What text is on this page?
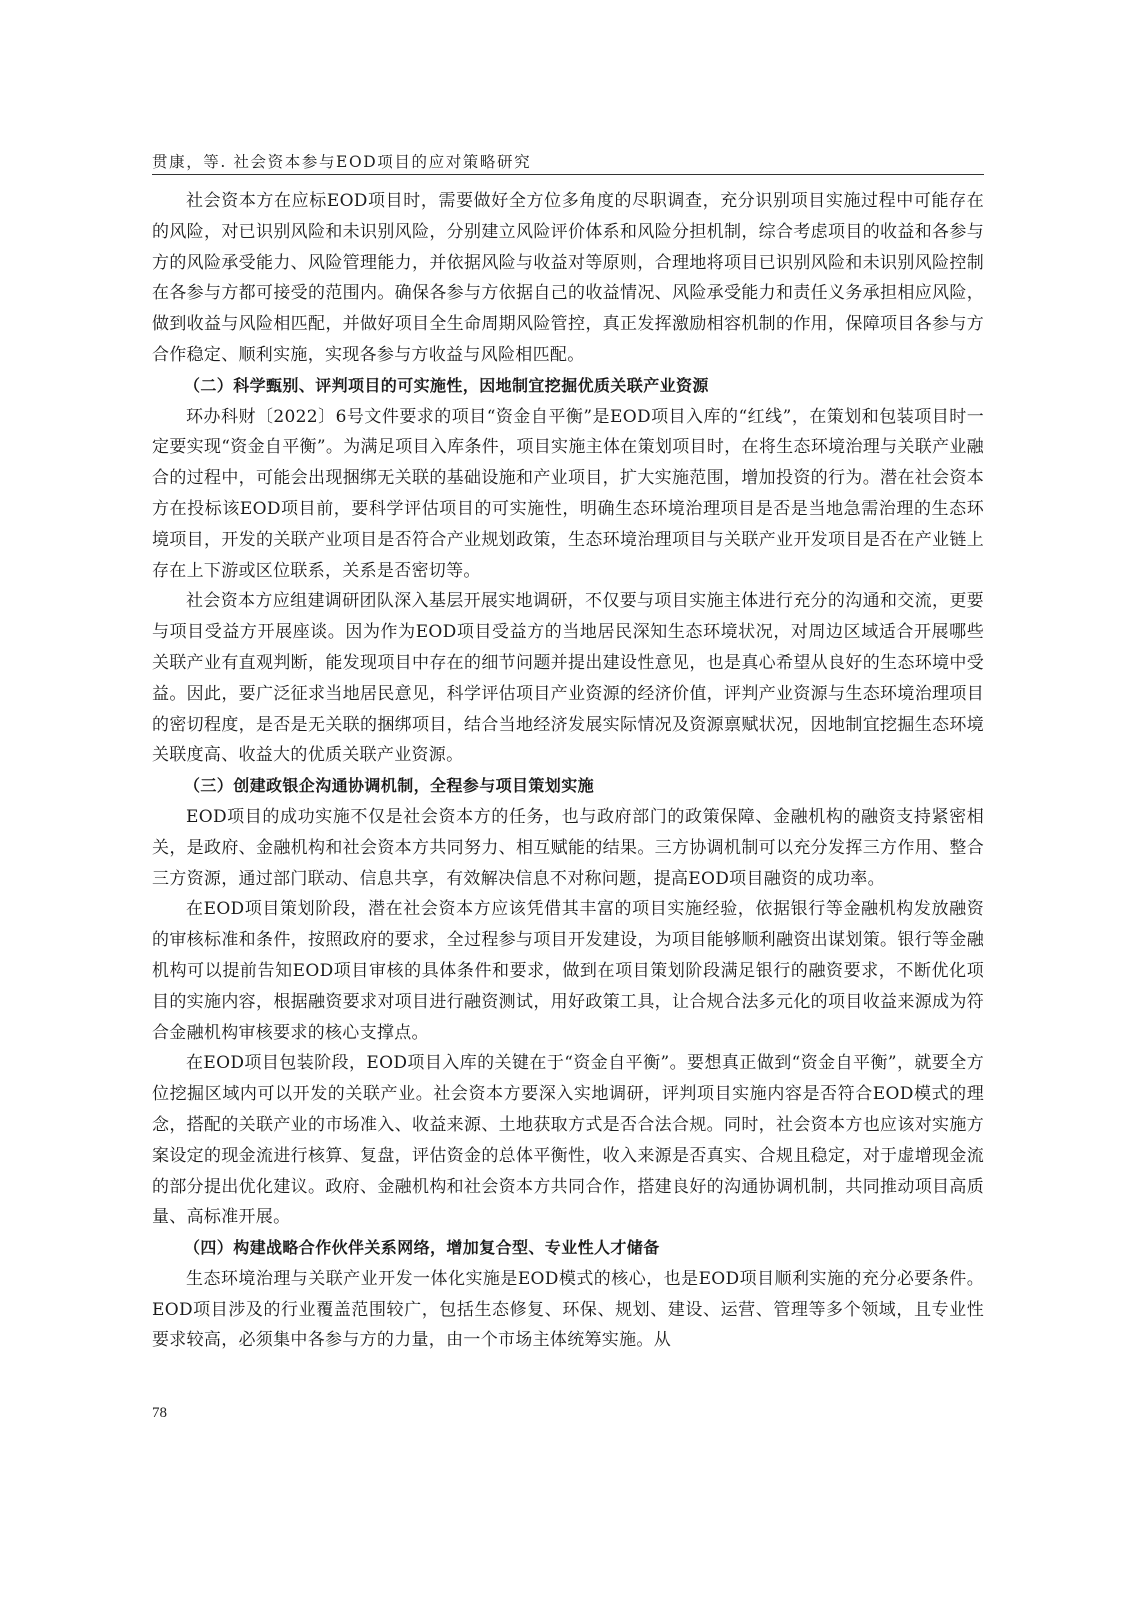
贯康，等. 社会资本参与EOD项目的应对策略研究

社会资本方在应标EOD项目时，需要做好全方位多角度的尽职调查，充分识别项目实施过程中可能存在的风险，对已识别风险和未识别风险，分别建立风险评价体系和风险分担机制，综合考虑项目的收益和各参与方的风险承受能力、风险管理能力，并依据风险与收益对等原则，合理地将项目已识别风险和未识别风险控制在各参与方都可接受的范围内。确保各参与方依据自己的收益情况、风险承受能力和责任义务承担相应风险，做到收益与风险相匹配，并做好项目全生命周期风险管控，真正发挥激励相容机制的作用，保障项目各参与方合作稳定、顺利实施，实现各参与方收益与风险相匹配。

（二）科学甄别、评判项目的可实施性，因地制宜挖掘优质关联产业资源

环办科财〔2022〕6号文件要求的项目“资金自平衡”是EOD项目入库的“红线”，在策划和包装项目时一定要实现“资金自平衡”。为满足项目入库条件，项目实施主体在策划项目时，在将生态环境治理与关联产业融合的过程中，可能会出现捆绑无关联的基础设施和产业项目，扩大实施范围，增加投资的行为。潜在社会资本方在投标该EOD项目前，要科学评估项目的可实施性，明确生态环境治理项目是否是当地急需治理的生态环境项目，开发的关联产业项目是否符合产业规划政策，生态环境治理项目与关联产业开发项目是否在产业链上存在上下游或区位联系，关系是否密切等。

社会资本方应组建调研团队深入基层开展实地调研，不仅要与项目实施主体进行充分的沟通和交流，更要与项目受益方开展座谈。因为作为EOD项目受益方的当地居民深知生态环境状况，对周边区域适合开展哪些关联产业有直观判断，能发现项目中存在的细节问题并提出建设性意见，也是真心希望从良好的生态环境中受益。因此，要广泛征求当地居民意见，科学评估项目产业资源的经济价值，评判产业资源与生态环境治理项目的密切程度，是否是无关联的捆绑项目，结合当地经济发展实际情况及资源禀赋状况，因地制宜挖掘生态环境关联度高、收益大的优质关联产业资源。

（三）创建政银企沟通协调机制，全程参与项目策划实施

EOD项目的成功实施不仅是社会资本方的任务，也与政府部门的政策保障、金融机构的融资支持紧密相关，是政府、金融机构和社会资本方共同努力、相互赋能的结果。三方协调机制可以充分发挥三方作用、整合三方资源，通过部门联动、信息共享，有效解决信息不对称问题，提高EOD项目融资的成功率。

在EOD项目策划阶段，潜在社会资本方应该凭借其丰富的项目实施经验，依据银行等金融机构发放融资的审核标准和条件，按照政府的要求，全过程参与项目开发建设，为项目能够顺利融资出谋划策。银行等金融机构可以提前告知EOD项目审核的具体条件和要求，做到在项目策划阶段满足银行的融资要求，不断优化项目的实施内容，根据融资要求对项目进行融资测试，用好政策工具，让合规合法多元化的项目收益来源成为符合金融机构审核要求的核心支撑点。

在EOD项目包装阶段，EOD项目入库的关键在于“资金自平衡”。要想真正做到“资金自平衡”，就要全方位挖掘区域内可以开发的关联产业。社会资本方要深入实地调研，评判项目实施内容是否符合EOD模式的理念，搭配的关联产业的市场准入、收益来源、土地获取方式是否合法合规。同时，社会资本方也应该对实施方案设定的现金流进行核算、复盘，评估资金的总体平衡性，收入来源是否真实、合规且稳定，对于虚增现金流的部分提出优化建议。政府、金融机构和社会资本方共同合作，搭建良好的沟通协调机制，共同推动项目高质量、高标准开展。

（四）构建战略合作伙伴关系网络，增加复合型、专业性人才储备

生态环境治理与关联产业开发一体化实施是EOD模式的核心，也是EOD项目顺利实施的充分必要条件。EOD项目涉及的行业覆盖范围较广，包括生态修复、环保、规划、建设、运营、管理等多个领域，且专业性要求较高，必须集中各参与方的力量，由一个市场主体统筹实施。从

78
